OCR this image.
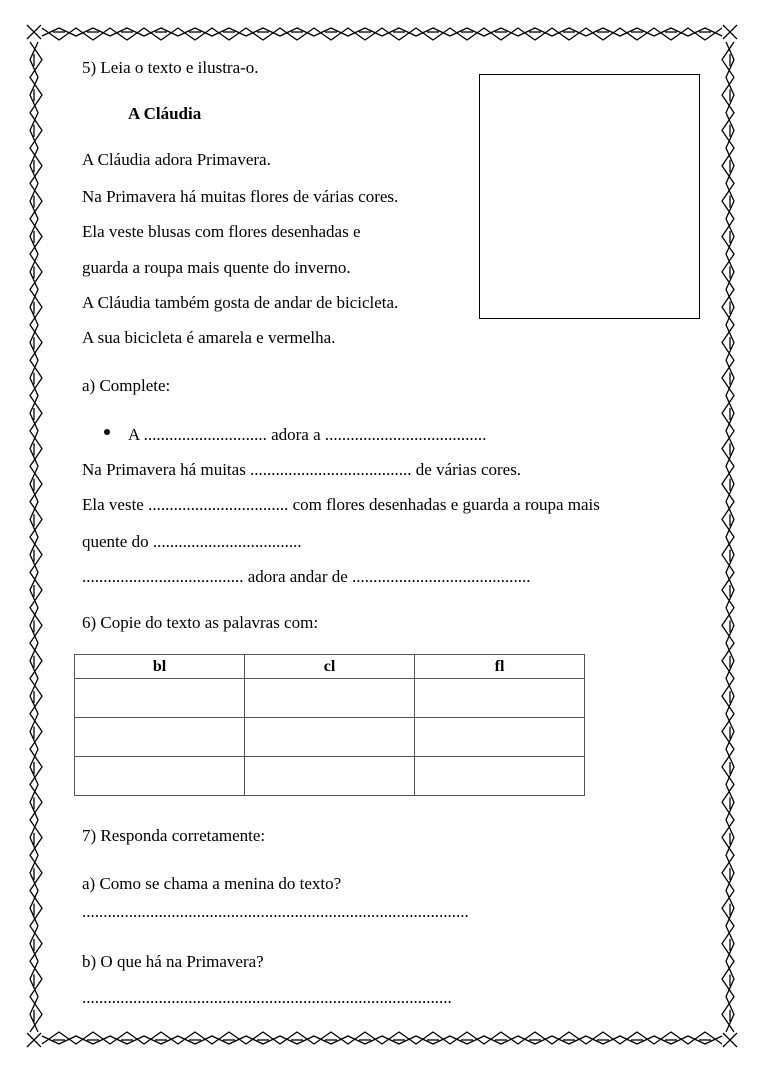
5) Leia o texto e ilustra-o.
A Cláudia
A Cláudia adora Primavera.
Na Primavera há muitas flores de várias cores.
Ela veste blusas com flores desenhadas e
guarda a roupa mais quente do inverno.
A Cláudia também gosta de andar de bicicleta.
A sua bicicleta é amarela e vermelha.
a) Complete:
A ............................. adora a ......................................
Na Primavera há muitas ...................................... de várias cores.
Ela veste ................................. com flores desenhadas e guarda a roupa mais
quente do ...................................
...................................... adora andar de ..........................................
6) Copie do texto as palavras com:
bl	cl	fl

7) Responda corretamente:
a) Como se chama a menina do texto?
...........................................................................................
b) O que há na Primavera?
.......................................................................................
